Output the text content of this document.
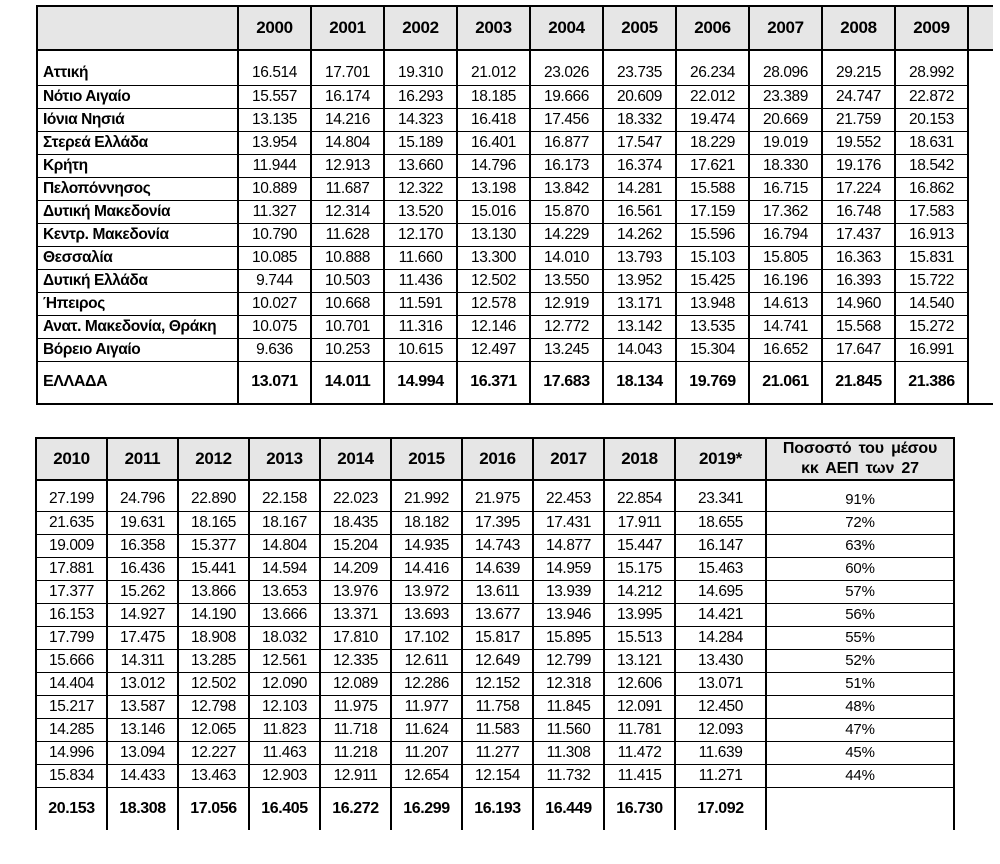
	2000	2001	2002	2003	2004	2005	2006	2007	2008	2009	

Αττική	16.514	17.701	19.310	21.012	23.026	23.735	26.234	28.096	29.215	28.992	
Νότιο Αιγαίο	15.557	16.174	16.293	18.185	19.666	20.609	22.012	23.389	24.747	22.872	
Ιόνια Νησιά	13.135	14.216	14.323	16.418	17.456	18.332	19.474	20.669	21.759	20.153	
Στερεά Ελλάδα	13.954	14.804	15.189	16.401	16.877	17.547	18.229	19.019	19.552	18.631	
Κρήτη	11.944	12.913	13.660	14.796	16.173	16.374	17.621	18.330	19.176	18.542	
Πελοπόννησος	10.889	11.687	12.322	13.198	13.842	14.281	15.588	16.715	17.224	16.862	
Δυτική Μακεδονία	11.327	12.314	13.520	15.016	15.870	16.561	17.159	17.362	16.748	17.583	
Κεντρ. Μακεδονία	10.790	11.628	12.170	13.130	14.229	14.262	15.596	16.794	17.437	16.913	
Θεσσαλία	10.085	10.888	11.660	13.300	14.010	13.793	15.103	15.805	16.363	15.831	
Δυτική Ελλάδα	9.744	10.503	11.436	12.502	13.550	13.952	15.425	16.196	16.393	15.722	
Ήπειρος	10.027	10.668	11.591	12.578	12.919	13.171	13.948	14.613	14.960	14.540	
Ανατ. Μακεδονία, Θράκη	10.075	10.701	11.316	12.146	12.772	13.142	13.535	14.741	15.568	15.272	
Βόρειο Αιγαίο	9.636	10.253	10.615	12.497	13.245	14.043	15.304	16.652	17.647	16.991	
ΕΛΛΑΔΑ	13.071	14.011	14.994	16.371	17.683	18.134	19.769	21.061	21.845	21.386	
2010	2011	2012	2013	2014	2015	2016	2017	2018	2019*	Ποσοστό του μέσου
κκ ΑΕΠ των 27

27.199	24.796	22.890	22.158	22.023	21.992	21.975	22.453	22.854	23.341	91%
21.635	19.631	18.165	18.167	18.435	18.182	17.395	17.431	17.911	18.655	72%
19.009	16.358	15.377	14.804	15.204	14.935	14.743	14.877	15.447	16.147	63%
17.881	16.436	15.441	14.594	14.209	14.416	14.639	14.959	15.175	15.463	60%
17.377	15.262	13.866	13.653	13.976	13.972	13.611	13.939	14.212	14.695	57%
16.153	14.927	14.190	13.666	13.371	13.693	13.677	13.946	13.995	14.421	56%
17.799	17.475	18.908	18.032	17.810	17.102	15.817	15.895	15.513	14.284	55%
15.666	14.311	13.285	12.561	12.335	12.611	12.649	12.799	13.121	13.430	52%
14.404	13.012	12.502	12.090	12.089	12.286	12.152	12.318	12.606	13.071	51%
15.217	13.587	12.798	12.103	11.975	11.977	11.758	11.845	12.091	12.450	48%
14.285	13.146	12.065	11.823	11.718	11.624	11.583	11.560	11.781	12.093	47%
14.996	13.094	12.227	11.463	11.218	11.207	11.277	11.308	11.472	11.639	45%
15.834	14.433	13.463	12.903	12.911	12.654	12.154	11.732	11.415	11.271	44%
20.153	18.308	17.056	16.405	16.272	16.299	16.193	16.449	16.730	17.092	
